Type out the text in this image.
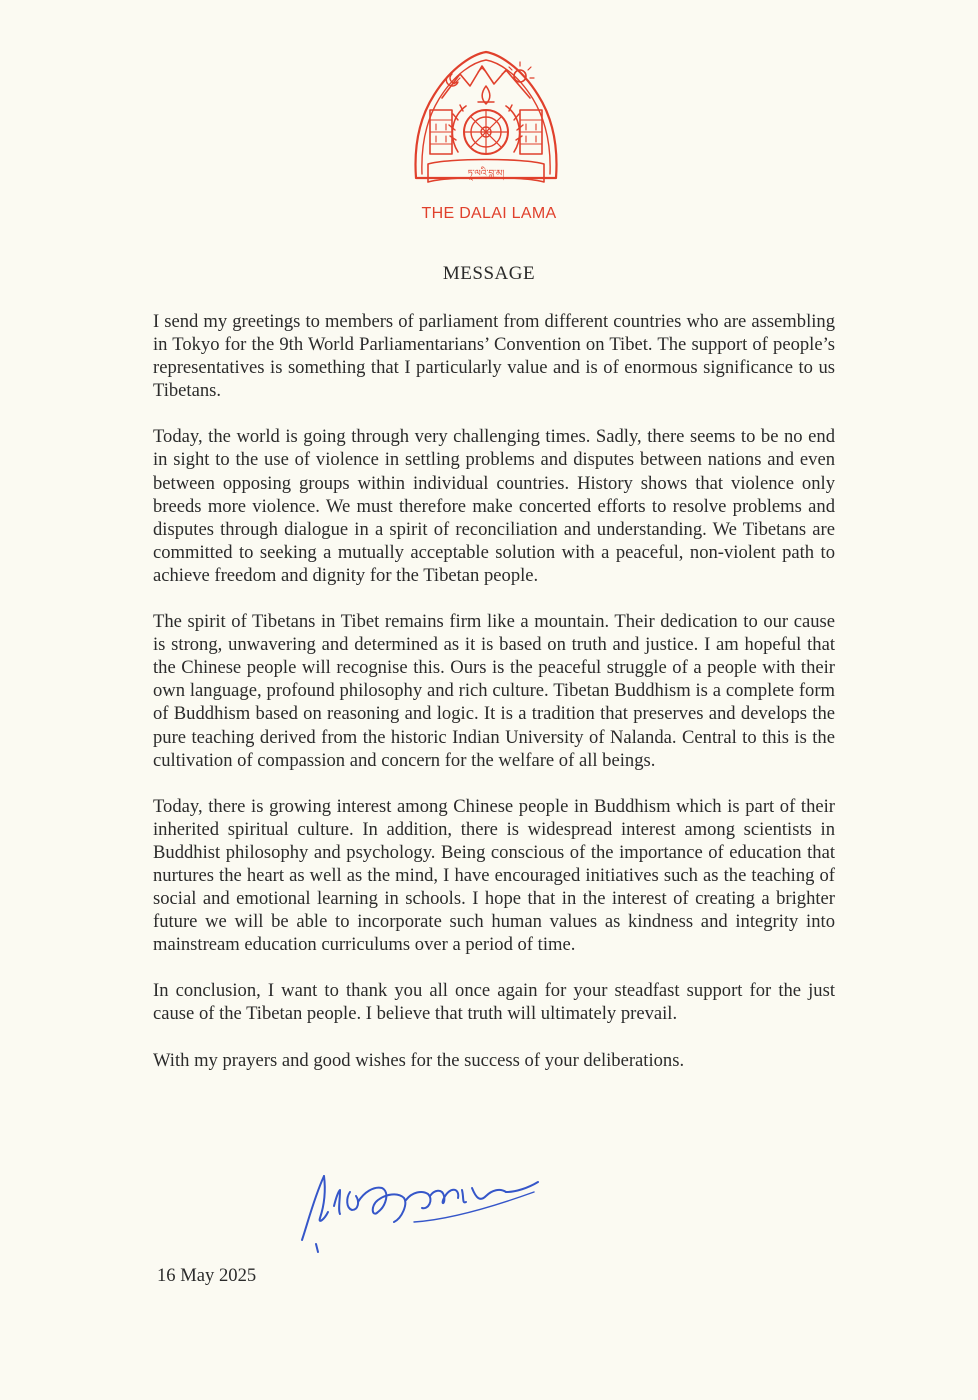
ཏཱ་ལའི་བླ་མ།
THE DALAI LAMA
MESSAGE

I send my greetings to members of parliament from different countries who are assembling in Tokyo for the 9th World Parliamentarians’ Convention on Tibet. The support of people’s representatives is something that I particularly value and is of enormous significance to us Tibetans.

Today, the world is going through very challenging times. Sadly, there seems to be no end in sight to the use of violence in settling problems and disputes between nations and even between opposing groups within individual countries. History shows that violence only breeds more violence. We must therefore make concerted efforts to resolve problems and disputes through dialogue in a spirit of reconciliation and understanding. We Tibetans are committed to seeking a mutually acceptable solution with a peaceful, non-violent path to achieve freedom and dignity for the Tibetan people.

The spirit of Tibetans in Tibet remains firm like a mountain. Their dedication to our cause is strong, unwavering and determined as it is based on truth and justice. I am hopeful that the Chinese people will recognise this. Ours is the peaceful struggle of a people with their own language, profound philosophy and rich culture. Tibetan Buddhism is a complete form of Buddhism based on reasoning and logic. It is a tradition that preserves and develops the pure teaching derived from the historic Indian University of Nalanda. Central to this is the cultivation of compassion and concern for the welfare of all beings.

Today, there is growing interest among Chinese people in Buddhism which is part of their inherited spiritual culture. In addition, there is widespread interest among scientists in Buddhist philosophy and psychology. Being conscious of the importance of education that nurtures the heart as well as the mind, I have encouraged initiatives such as the teaching of social and emotional learning in schools. I hope that in the interest of creating a brighter future we will be able to incorporate such human values as kindness and integrity into mainstream education curriculums over a period of time.

In conclusion, I want to thank you all once again for your steadfast support for the just cause of the Tibetan people. I believe that truth will ultimately prevail.

With my prayers and good wishes for the success of your deliberations.

16 May 2025
